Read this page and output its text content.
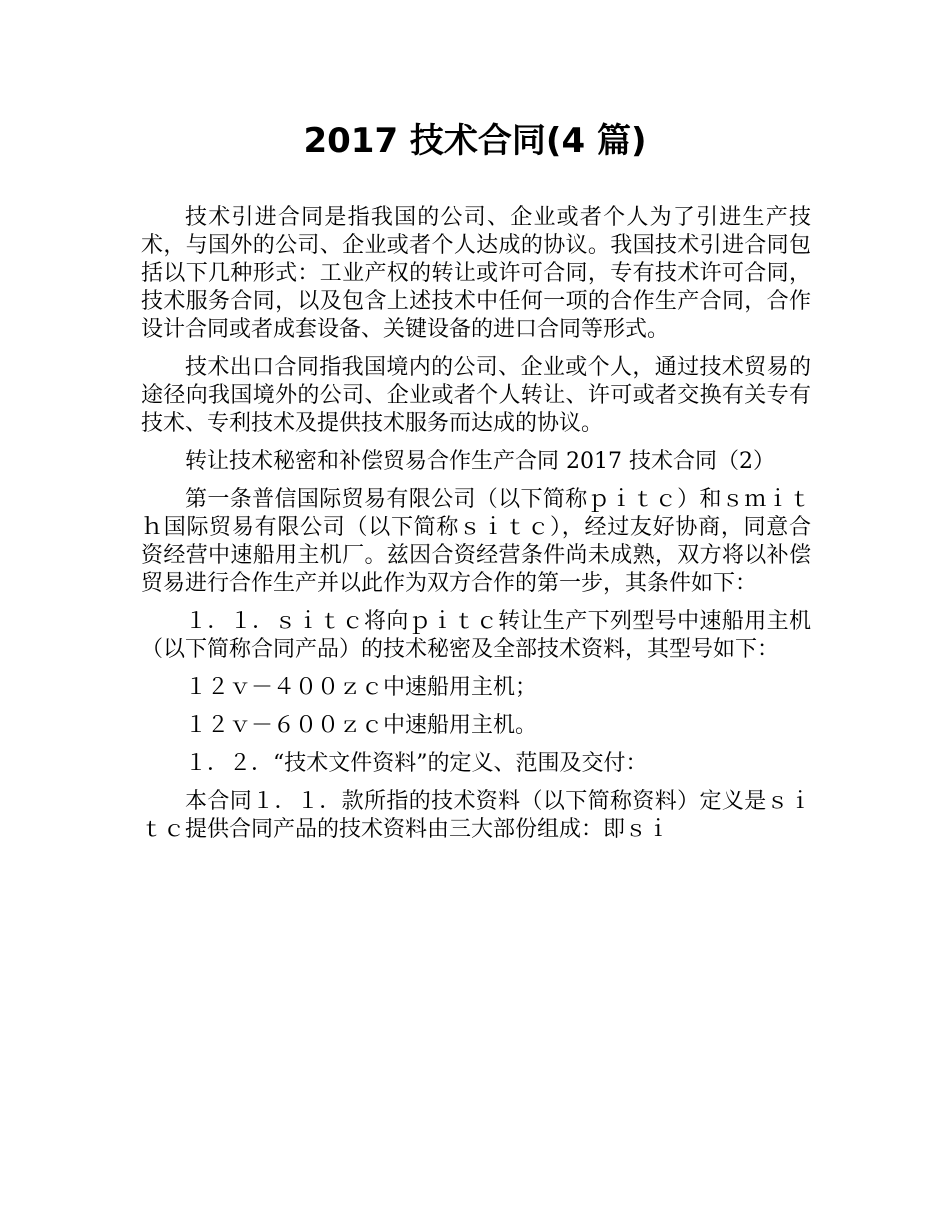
2017 技术合同(4 篇)

技术引进合同是指我国的公司、企业或者个人为了引进生产技术，与国外的公司、企业或者个人达成的协议。我国技术引进合同包括以下几种形式：工业产权的转让或许可合同，专有技术许可合同，技术服务合同，以及包含上述技术中任何一项的合作生产合同，合作设计合同或者成套设备、关键设备的进口合同等形式。

技术出口合同指我国境内的公司、企业或个人，通过技术贸易的途径向我国境外的公司、企业或者个人转让、许可或者交换有关专有技术、专利技术及提供技术服务而达成的协议。

转让技术秘密和补偿贸易合作生产合同 2017 技术合同（2）

第一条普信国际贸易有限公司（以下简称ｐｉｔｃ）和ｓｍｉｔｈ国际贸易有限公司（以下简称ｓｉｔｃ），经过友好协商，同意合资经营中速船用主机厂。兹因合资经营条件尚未成熟，双方将以补偿贸易进行合作生产并以此作为双方合作的第一步，其条件如下：

１．１．ｓｉｔｃ将向ｐｉｔｃ转让生产下列型号中速船用主机（以下简称合同产品）的技术秘密及全部技术资料，其型号如下：

１２ｖ－４００ｚｃ中速船用主机；

１２ｖ－６００ｚｃ中速船用主机。

１．２．“技术文件资料”的定义、范围及交付：

本合同１．１．款所指的技术资料（以下简称资料）定义是ｓｉｔｃ提供合同产品的技术资料由三大部份组成：即ｓｉ
